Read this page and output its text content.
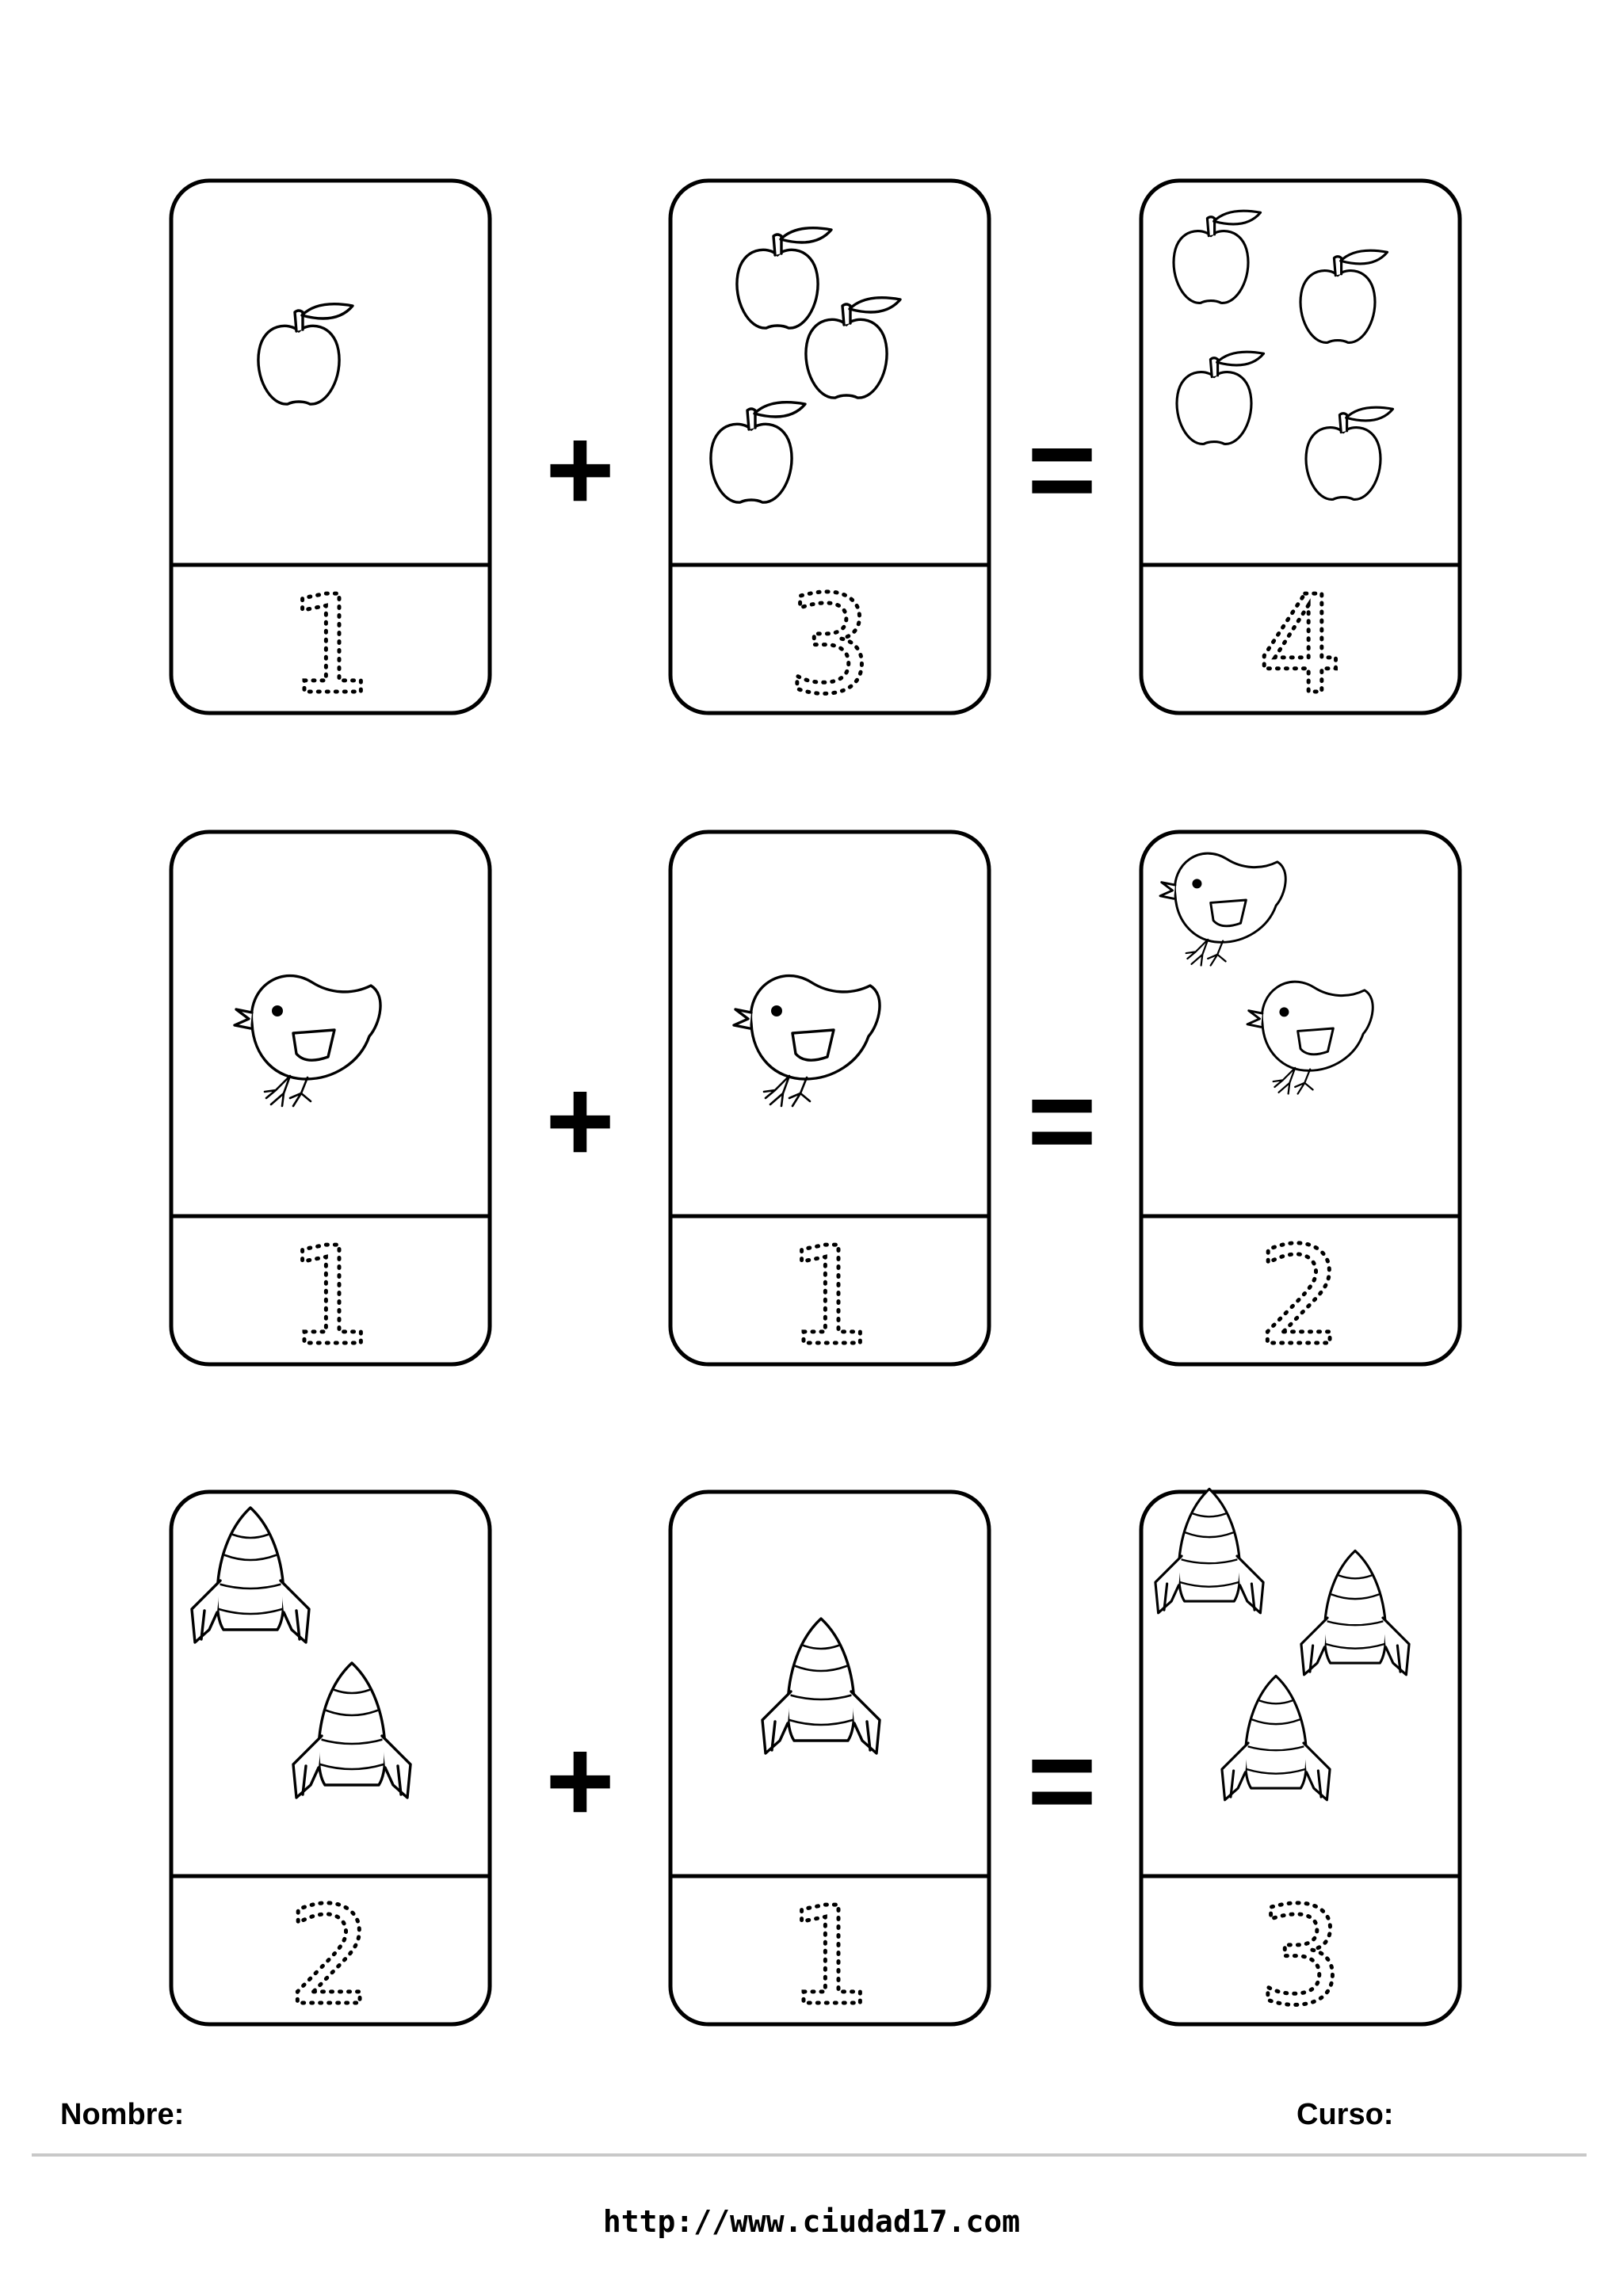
1	3	4
+	=
1	1	2
+	=
2	1	3
+	=
Nombre:	Curso:
http://www.ciudad17.com
